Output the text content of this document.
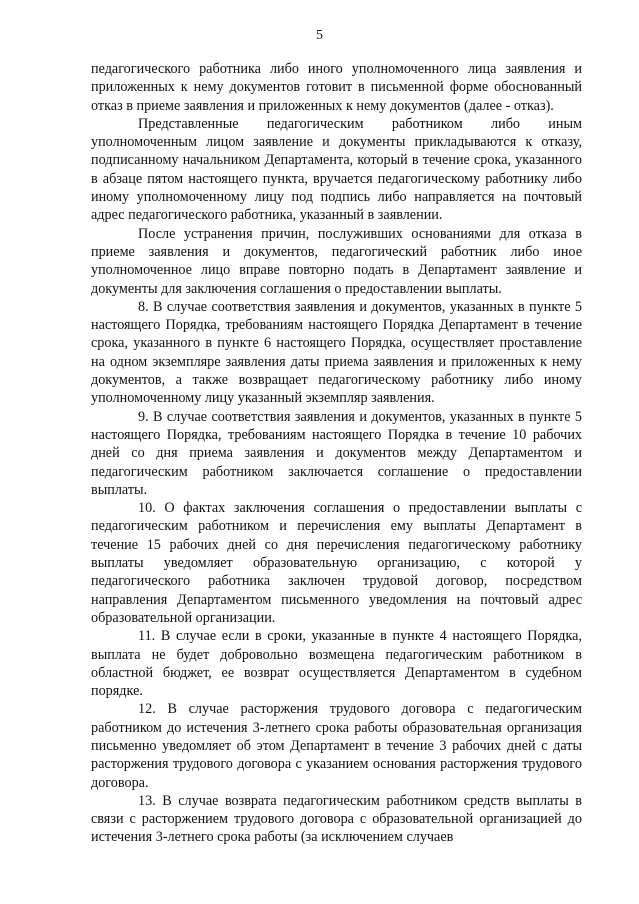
5

педагогического работника либо иного уполномоченного лица заявления и приложенных к нему документов готовит в письменной форме обоснованный отказ в приеме заявления и приложенных к нему документов (далее - отказ).

Представленные педагогическим работником либо иным уполномоченным лицом заявление и документы прикладываются к отказу, подписанному начальником Департамента, который в течение срока, указанного в абзаце пятом настоящего пункта, вручается педагогическому работнику либо иному уполномоченному лицу под подпись либо направляется на почтовый адрес педагогического работника, указанный в заявлении.

После устранения причин, послуживших основаниями для отказа в приеме заявления и документов, педагогический работник либо иное уполномоченное лицо вправе повторно подать в Департамент заявление и документы для заключения соглашения о предоставлении выплаты.

8. В случае соответствия заявления и документов, указанных в пункте 5 настоящего Порядка, требованиям настоящего Порядка Департамент в течение срока, указанного в пункте 6 настоящего Порядка, осуществляет проставление на одном экземпляре заявления даты приема заявления и приложенных к нему документов, а также возвращает педагогическому работнику либо иному уполномоченному лицу указанный экземпляр заявления.

9. В случае соответствия заявления и документов, указанных в пункте 5 настоящего Порядка, требованиям настоящего Порядка в течение 10 рабочих дней со дня приема заявления и документов между Департаментом и педагогическим работником заключается соглашение о предоставлении выплаты.

10. О фактах заключения соглашения о предоставлении выплаты с педагогическим работником и перечисления ему выплаты Департамент в течение 15 рабочих дней со дня перечисления педагогическому работнику выплаты уведомляет образовательную организацию, с которой у педагогического работника заключен трудовой договор, посредством направления Департаментом письменного уведомления на почтовый адрес образовательной организации.

11. В случае если в сроки, указанные в пункте 4 настоящего Порядка, выплата не будет добровольно возмещена педагогическим работником в областной бюджет, ее возврат осуществляется Департаментом в судебном порядке.

12. В случае расторжения трудового договора с педагогическим работником до истечения 3-летнего срока работы образовательная организация письменно уведомляет об этом Департамент в течение 3 рабочих дней с даты расторжения трудового договора с указанием основания расторжения трудового договора.

13. В случае возврата педагогическим работником средств выплаты в связи с расторжением трудового договора с образовательной организацией до истечения 3-летнего срока работы (за исключением случаев
